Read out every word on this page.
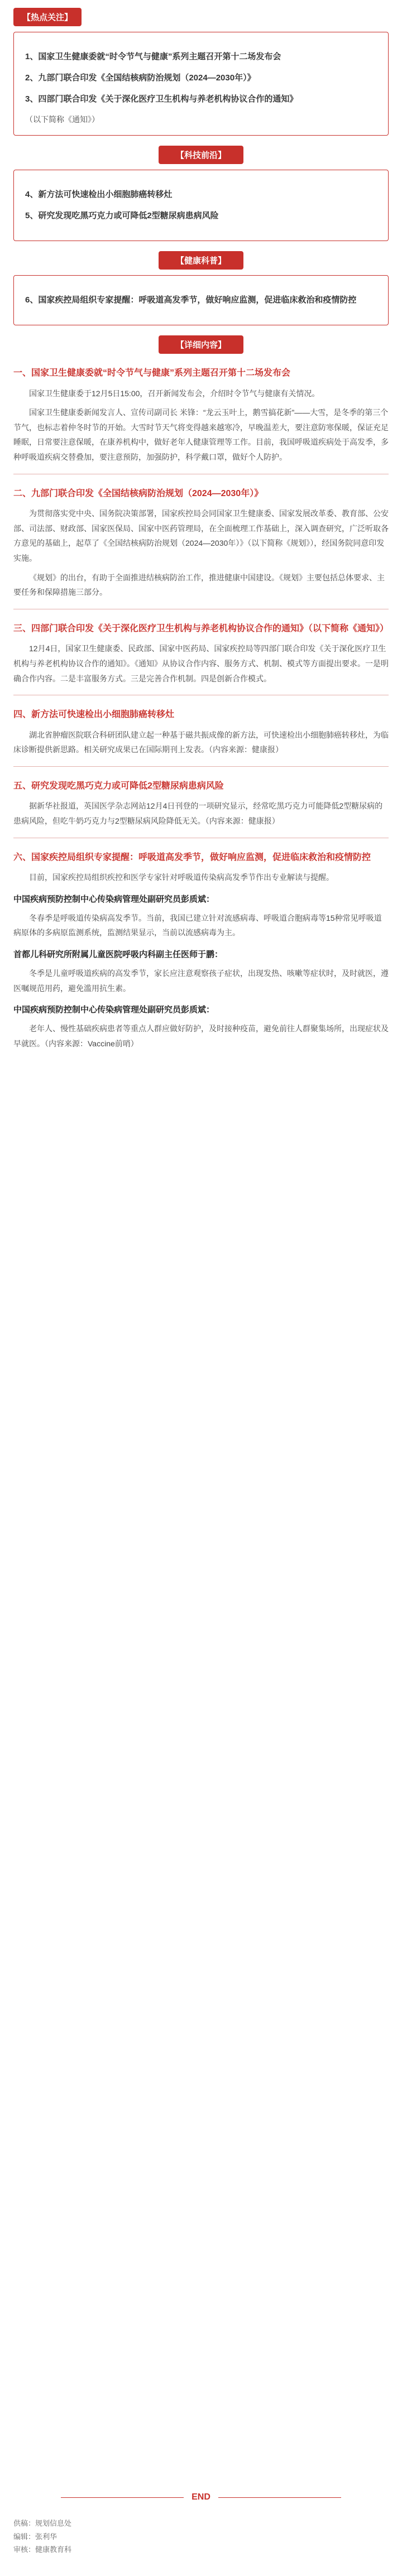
【热点关注】
1、国家卫生健康委就“时令节气与健康”系列主题召开第十二场发布会
2、九部门联合印发《全国结核病防治规划（2024—2030年）》
3、四部门联合印发《关于深化医疗卫生机构与养老机构协议合作的通知》
（以下简称《通知》）
【科技前沿】
4、新方法可快速检出小细胞肺癌转移灶
5、研究发现吃黑巧克力或可降低2型糖尿病患病风险
【健康科普】
6、国家疾控局组织专家提醒：呼吸道高发季节，做好响应监测，促进临床救治和疫情防控
【详细内容】
一、国家卫生健康委就“时令节气与健康”系列主题召开第十二场发布会

国家卫生健康委于12月5日15:00，召开新闻发布会，介绍时令节气与健康有关情况。

国家卫生健康委新闻发言人、宣传司副司长 米锋：“龙云玉叶上，鹅雪搞花新”——大雪，是冬季的第三个节气，也标志着仲冬时节的开始。大雪时节天气将变得越来越寒冷，早晚温差大，要注意防寒保暖，保证充足睡眠，日常要注意保暖，在康养机构中，做好老年人健康管理等工作。目前，我国呼吸道疾病处于高发季，多种呼吸道疾病交替叠加，要注意预防，加强防护，科学戴口罩，做好个人防护。

二、九部门联合印发《全国结核病防治规划（2024—2030年）》

为贯彻落实党中央、国务院决策部署，国家疾控局会同国家卫生健康委、国家发展改革委、教育部、公安部、司法部、财政部、国家医保局、国家中医药管理局，在全面梳理工作基础上，深入调查研究，广泛听取各方意见的基础上，起草了《全国结核病防治规划（2024—2030年）》（以下简称《规划》），经国务院同意印发实施。

《规划》的出台，有助于全面推进结核病防治工作，推进健康中国建设。《规划》主要包括总体要求、主要任务和保障措施三部分。

三、四部门联合印发《关于深化医疗卫生机构与养老机构协议合作的通知》（以下简称《通知》）

12月4日，国家卫生健康委、民政部、国家中医药局、国家疾控局等四部门联合印发《关于深化医疗卫生机构与养老机构协议合作的通知》。《通知》从协议合作内容、服务方式、机制、模式等方面提出要求。一是明确合作内容。二是丰富服务方式。三是完善合作机制。四是创新合作模式。

四、新方法可快速检出小细胞肺癌转移灶

湖北省肿瘤医院联合科研团队建立起一种基于磁共振成像的新方法，可快速检出小细胞肺癌转移灶，为临床诊断提供新思路。相关研究成果已在国际期刊上发表。（内容来源：健康报）

五、研究发现吃黑巧克力或可降低2型糖尿病患病风险

据新华社报道，英国医学杂志网站12月4日刊登的一项研究显示，经常吃黑巧克力可能降低2型糖尿病的患病风险，但吃牛奶巧克力与2型糖尿病风险降低无关。（内容来源：健康报）

六、国家疾控局组织专家提醒：呼吸道高发季节，做好响应监测，促进临床救治和疫情防控

目前，国家疾控局组织疾控和医学专家针对呼吸道传染病高发季节作出专业解读与提醒。

中国疾病预防控制中心传染病管理处副研究员彭质斌：

冬春季是呼吸道传染病高发季节。当前，我国已建立针对流感病毒、呼吸道合胞病毒等15种常见呼吸道病原体的多病原监测系统，监测结果显示，当前以流感病毒为主。

首都儿科研究所附属儿童医院呼吸内科副主任医师于鹏：

冬季是儿童呼吸道疾病的高发季节，家长应注意观察孩子症状，出现发热、咳嗽等症状时，及时就医，遵医嘱规范用药，避免滥用抗生素。

中国疾病预防控制中心传染病管理处副研究员彭质斌：

老年人、慢性基础疾病患者等重点人群应做好防护，及时接种疫苗，避免前往人群聚集场所，出现症状及早就医。（内容来源：Vaccine前哨）

END
供稿：规划信息处
编辑：张利华
审核：健康教育科
